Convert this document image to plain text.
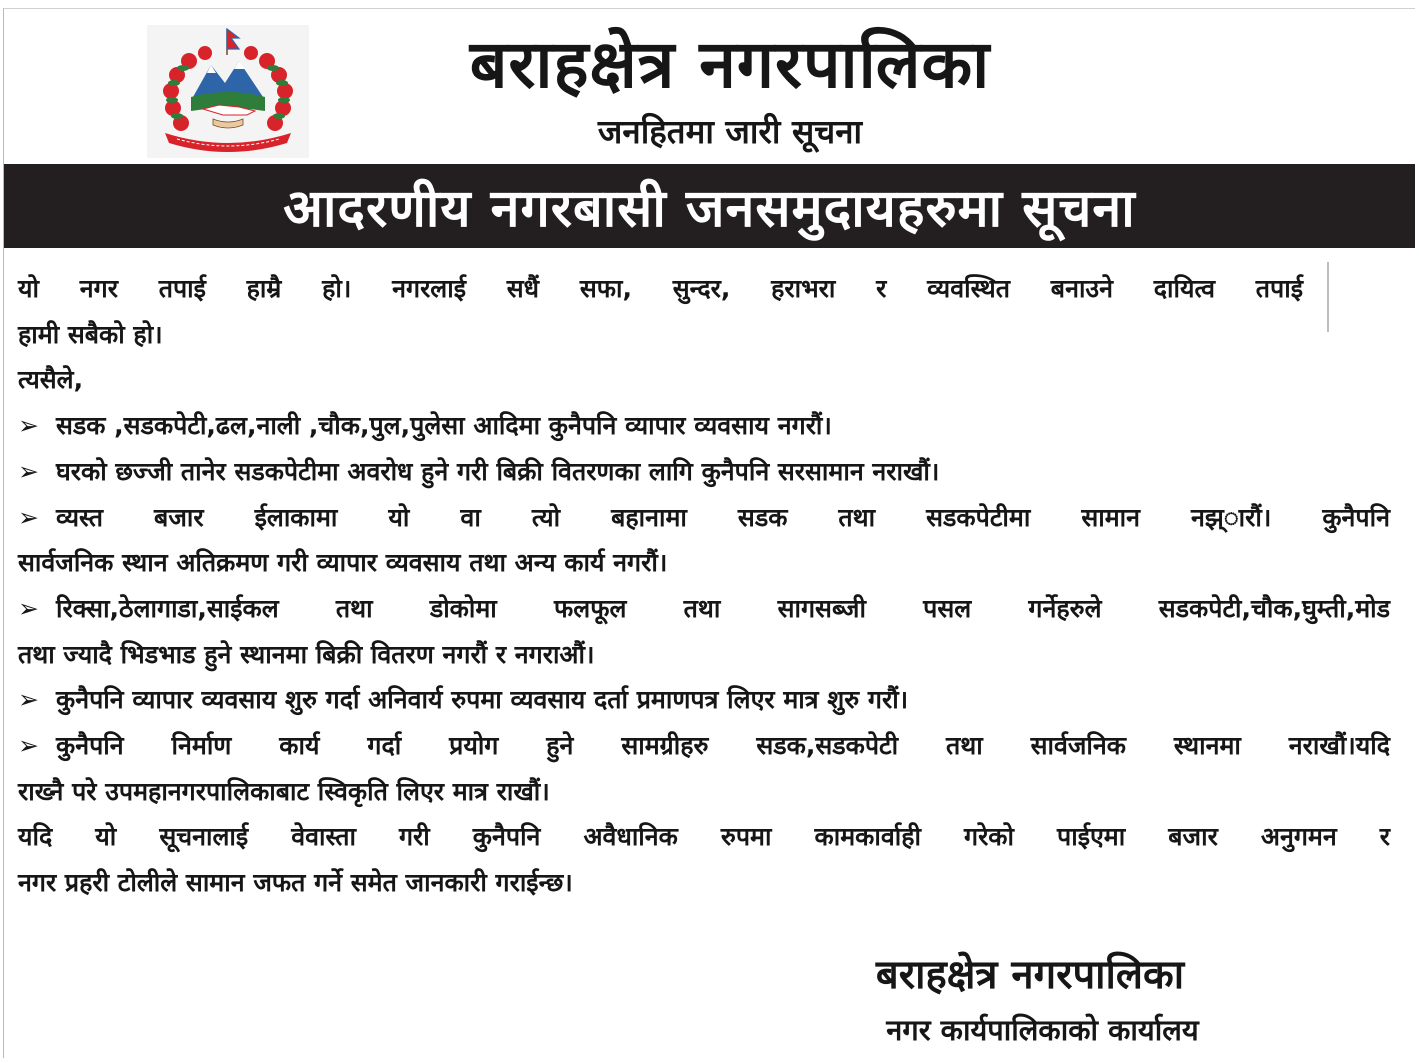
बराहक्षेत्र नगरपालिका
जनहितमा जारी सूचना
आदरणीय नगरबासी जनसमुदायहरुमा सूचना

यो नगर तपाई हाम्रै हो। नगरलाई सधैं सफा, सुन्दर, हराभरा र व्यवस्थित बनाउने दायित्व तपाई

हामी सबैको हो।

त्यसैले,

➢ सडक ,सडकपेटी,ढल,नाली ,चौक,पुल,पुलेसा आदिमा कुनैपनि व्यापार व्यवसाय नगरौं।
➢ घरको छज्जी तानेर सडकपेटीमा अवरोध हुने गरी बिक्री वितरणका लागि कुनैपनि सरसामान नराखौं।

➢ व्यस्त बजार ईलाकामा यो वा त्यो बहानामा सडक तथा सडकपेटीमा सामान नझ्ारौं। कुनैपनि

सार्वजनिक स्थान अतिक्रमण गरी व्यापार व्यवसाय तथा अन्य कार्य नगरौं।

➢ रिक्सा,ठेलागाडा,साईकल तथा डोकोमा फलफूल तथा सागसब्जी पसल गर्नेहरुले सडकपेटी,चौक,घुम्ती,मोड

तथा ज्यादै भिडभाड हुने स्थानमा बिक्री वितरण नगरौं र नगराऔं।

➢ कुनैपनि व्यापार व्यवसाय शुरु गर्दा अनिवार्य रुपमा व्यवसाय दर्ता प्रमाणपत्र लिएर मात्र शुरु गरौं।

➢ कुनैपनि निर्माण कार्य गर्दा प्रयोग हुने सामग्रीहरु सडक,सडकपेटी तथा सार्वजनिक स्थानमा नराखौं।यदि

राख्नै परे उपमहानगरपालिकाबाट स्विकृति लिएर मात्र राखौं।

यदि यो सूचनालाई वेवास्ता गरी कुनैपनि अवैधानिक रुपमा कामकार्वाही गरेको पाईएमा बजार अनुगमन र

नगर प्रहरी टोलीले सामान जफत गर्ने समेत जानकारी गराईन्छ।

बराहक्षेत्र नगरपालिका
नगर कार्यपालिकाको कार्यालय
